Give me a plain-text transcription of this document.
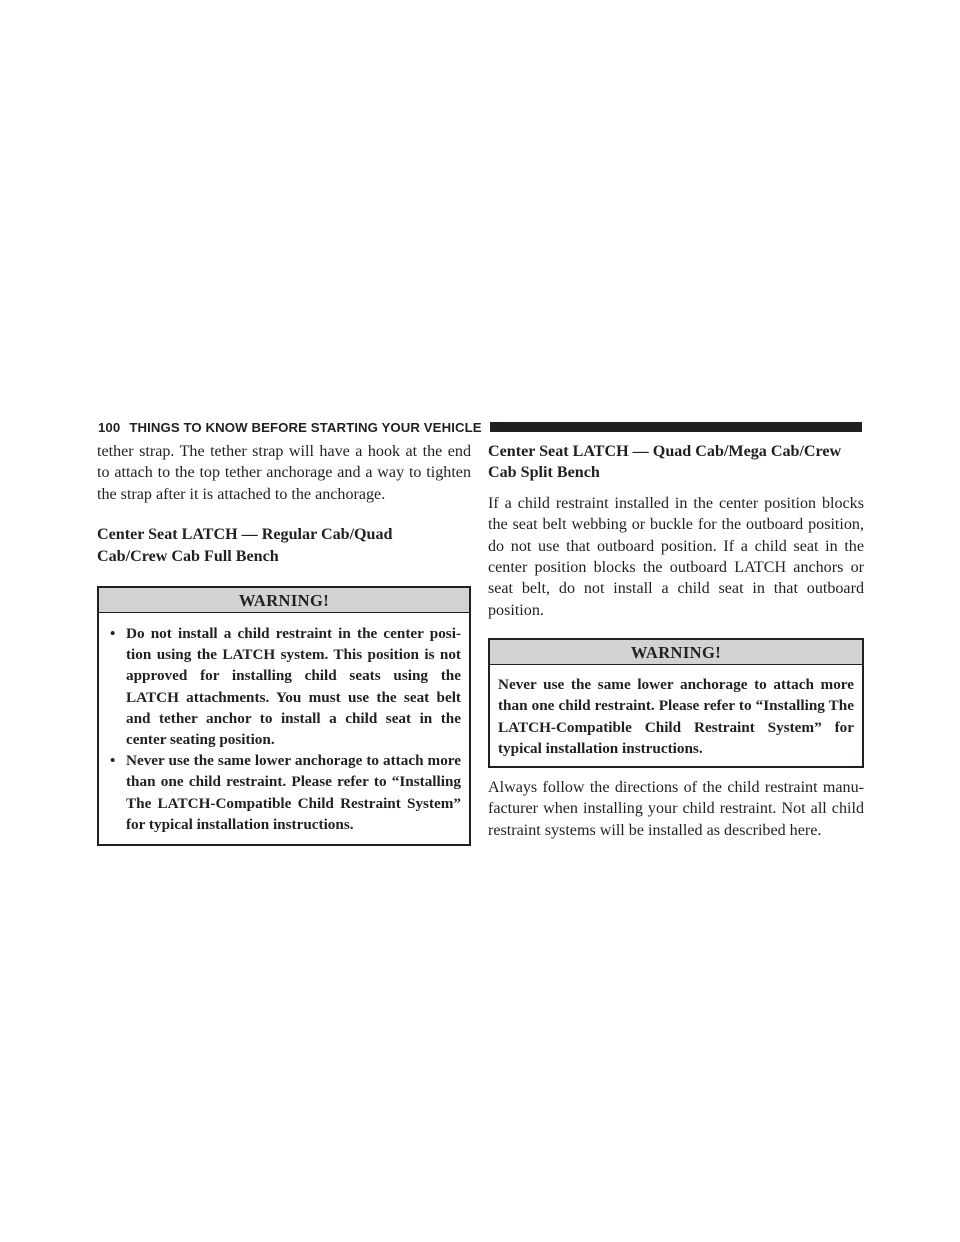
100 THINGS TO KNOW BEFORE STARTING YOUR VEHICLE

tether strap. The tether strap will have a hook at the end to attach to the top tether anchorage and a way to tighten the strap after it is attached to the anchorage.

Center Seat LATCH — Regular Cab/Quad
Cab/Crew Cab Full Bench
WARNING!
• Do not install a child restraint in the center posi- tion using the LATCH system. This position is not approved for installing child seats using the LATCH attachments. You must use the seat belt and tether anchor to install a child seat in the center seating position.
• Never use the same lower anchorage to attach more than one child restraint. Please refer to “Installing The LATCH-Compatible Child Restraint System” for typical installation instructions.
Center Seat LATCH — Quad Cab/Mega Cab/Crew
Cab Split Bench

If a child restraint installed in the center position blocks the seat belt webbing or buckle for the outboard position, do not use that outboard position. If a child seat in the center position blocks the outboard LATCH anchors or seat belt, do not install a child seat in that outboard position.

WARNING!

Never use the same lower anchorage to attach more than one child restraint. Please refer to “Installing The LATCH-Compatible Child Restraint System” for typical installation instructions.

Always follow the directions of the child restraint manu- facturer when installing your child restraint. Not all child restraint systems will be installed as described here.
